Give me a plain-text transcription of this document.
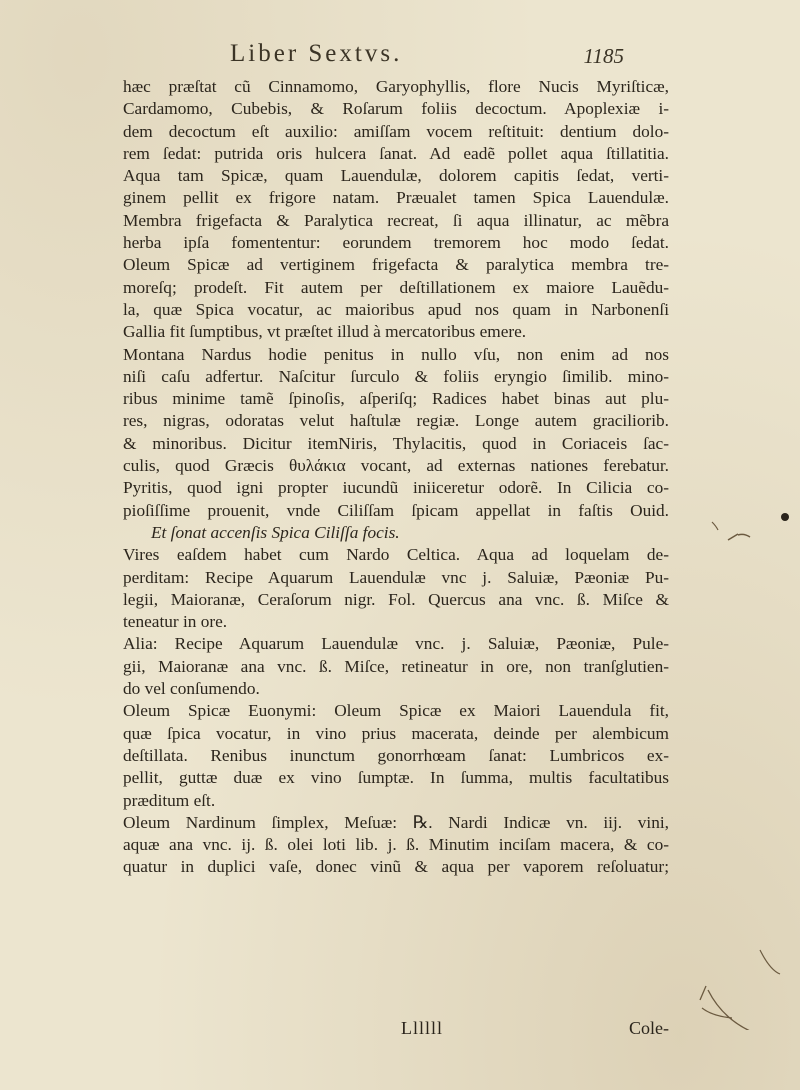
Liber Sextvs.	1185
hæc præſtat cũ Cinnamomo, Garyophyllis, flore Nucis Myriſticæ,
Cardamomo, Cubebis, & Roſarum foliis decoctum. Apoplexiæ i-
dem decoctum eſt auxilio: amiſſam vocem reſtituit: dentium dolo-
rem ſedat: putrida oris hulcera ſanat. Ad eadẽ pollet aqua ſtillatitia.
Aqua tam Spicæ, quam Lauendulæ, dolorem capitis ſedat, verti-
ginem pellit ex frigore natam. Præualet tamen Spica Lauendulæ.
Membra frigefacta & Paralytica recreat, ſi aqua illinatur, ac mẽbra
herba ipſa fomententur: eorundem tremorem hoc modo ſedat.
Oleum Spicæ ad vertiginem frigefacta & paralytica membra tre-
moreſq; prodeſt. Fit autem per deſtillationem ex maiore Lauẽdu-
la, quæ Spica vocatur, ac maioribus apud nos quam in Narbonenſi
Gallia fit ſumptibus, vt præſtet illud à mercatoribus emere.
Montana Nardus hodie penitus in nullo vſu, non enim ad nos
niſi caſu adfertur. Naſcitur ſurculo & foliis eryngio ſimilib. mino-
ribus minime tamẽ ſpinoſis, aſperiſq; Radices habet binas aut plu-
res, nigras, odoratas velut haſtulæ regiæ. Longe autem graciliorib.
& minoribus. Dicitur itemNiris, Thylacitis, quod in Coriaceis ſac-
culis, quod Græcis θυλάκια vocant, ad externas nationes ferebatur.
Pyritis, quod igni propter iucundũ iniiceretur odorẽ. In Cilicia co-
pioſiſſime prouenit, vnde Ciliſſam ſpicam appellat in faſtis Ouid.
Et ſonat accenſis Spica Ciliſſa focis.
Vires eaſdem habet cum Nardo Celtica. Aqua ad loquelam de-
perditam: Recipe Aquarum Lauendulæ vnc j. Saluiæ, Pæoniæ Pu-
legii, Maioranæ, Ceraſorum nigr. Fol. Quercus ana vnc. ß. Miſce &
teneatur in ore.
Alia: Recipe Aquarum Lauendulæ vnc. j. Saluiæ, Pæoniæ, Pule-
gii, Maioranæ ana vnc. ß. Miſce, retineatur in ore, non tranſglutien-
do vel conſumendo.
Oleum Spicæ Euonymi: Oleum Spicæ ex Maiori Lauendula fit,
quæ ſpica vocatur, in vino prius macerata, deinde per alembicum
deſtillata. Renibus inunctum gonorrhœam ſanat: Lumbricos ex-
pellit, guttæ duæ ex vino ſumptæ. In ſumma, multis facultatibus
præditum eſt.
Oleum Nardinum ſimplex, Meſuæ: ℞. Nardi Indicæ vn. iij. vini,
aquæ ana vnc. ij. ß. olei loti lib. j. ß. Minutim inciſam macera, & co-
quatur in duplici vaſe, donec vinũ & aqua per vaporem reſoluatur;
Llllll	Cole-
